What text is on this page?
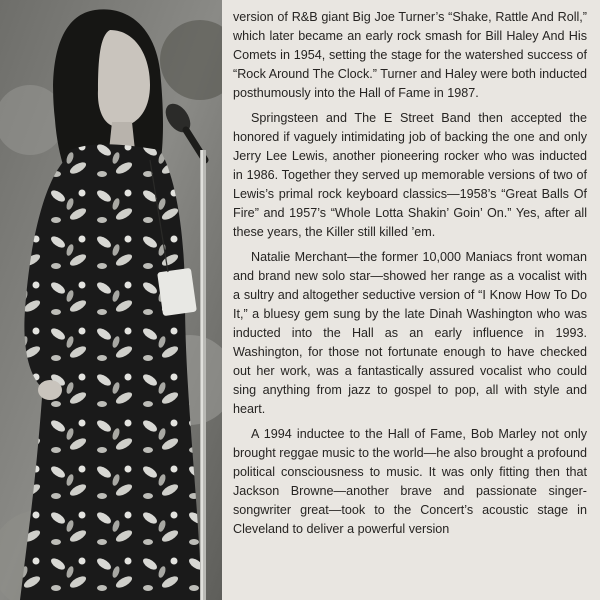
version of R&B giant Big Joe Turner’s “Shake, Rattle And Roll,” which later became an early rock smash for Bill Haley And His Comets in 1954, setting the stage for the watershed success of “Rock Around The Clock.” Turner and Haley were both inducted posthumously into the Hall of Fame in 1987.

Springsteen and The E Street Band then accepted the honored if vaguely intimidating job of backing the one and only Jerry Lee Lewis, another pioneering rocker who was inducted in 1986. Together they served up memorable versions of two of Lewis’s primal rock keyboard classics—1958’s “Great Balls Of Fire” and 1957’s “Whole Lotta Shakin’ Goin’ On.” Yes, after all these years, the Killer still killed ’em.

Natalie Merchant—the former 10,000 Maniacs front woman and brand new solo star—showed her range as a vocalist with a sultry and altogether seductive version of “I Know How To Do It,” a bluesy gem sung by the late Dinah Washington who was inducted into the Hall as an early influence in 1993. Washington, for those not fortunate enough to have checked out her work, was a fantastically assured vocalist who could sing anything from jazz to gospel to pop, all with style and heart.

A 1994 inductee to the Hall of Fame, Bob Marley not only brought reggae music to the world—he also brought a profound political consciousness to music. It was only fitting then that Jackson Browne—another brave and passionate singer-songwriter great—took to the Concert’s acoustic stage in Cleveland to deliver a powerful version
